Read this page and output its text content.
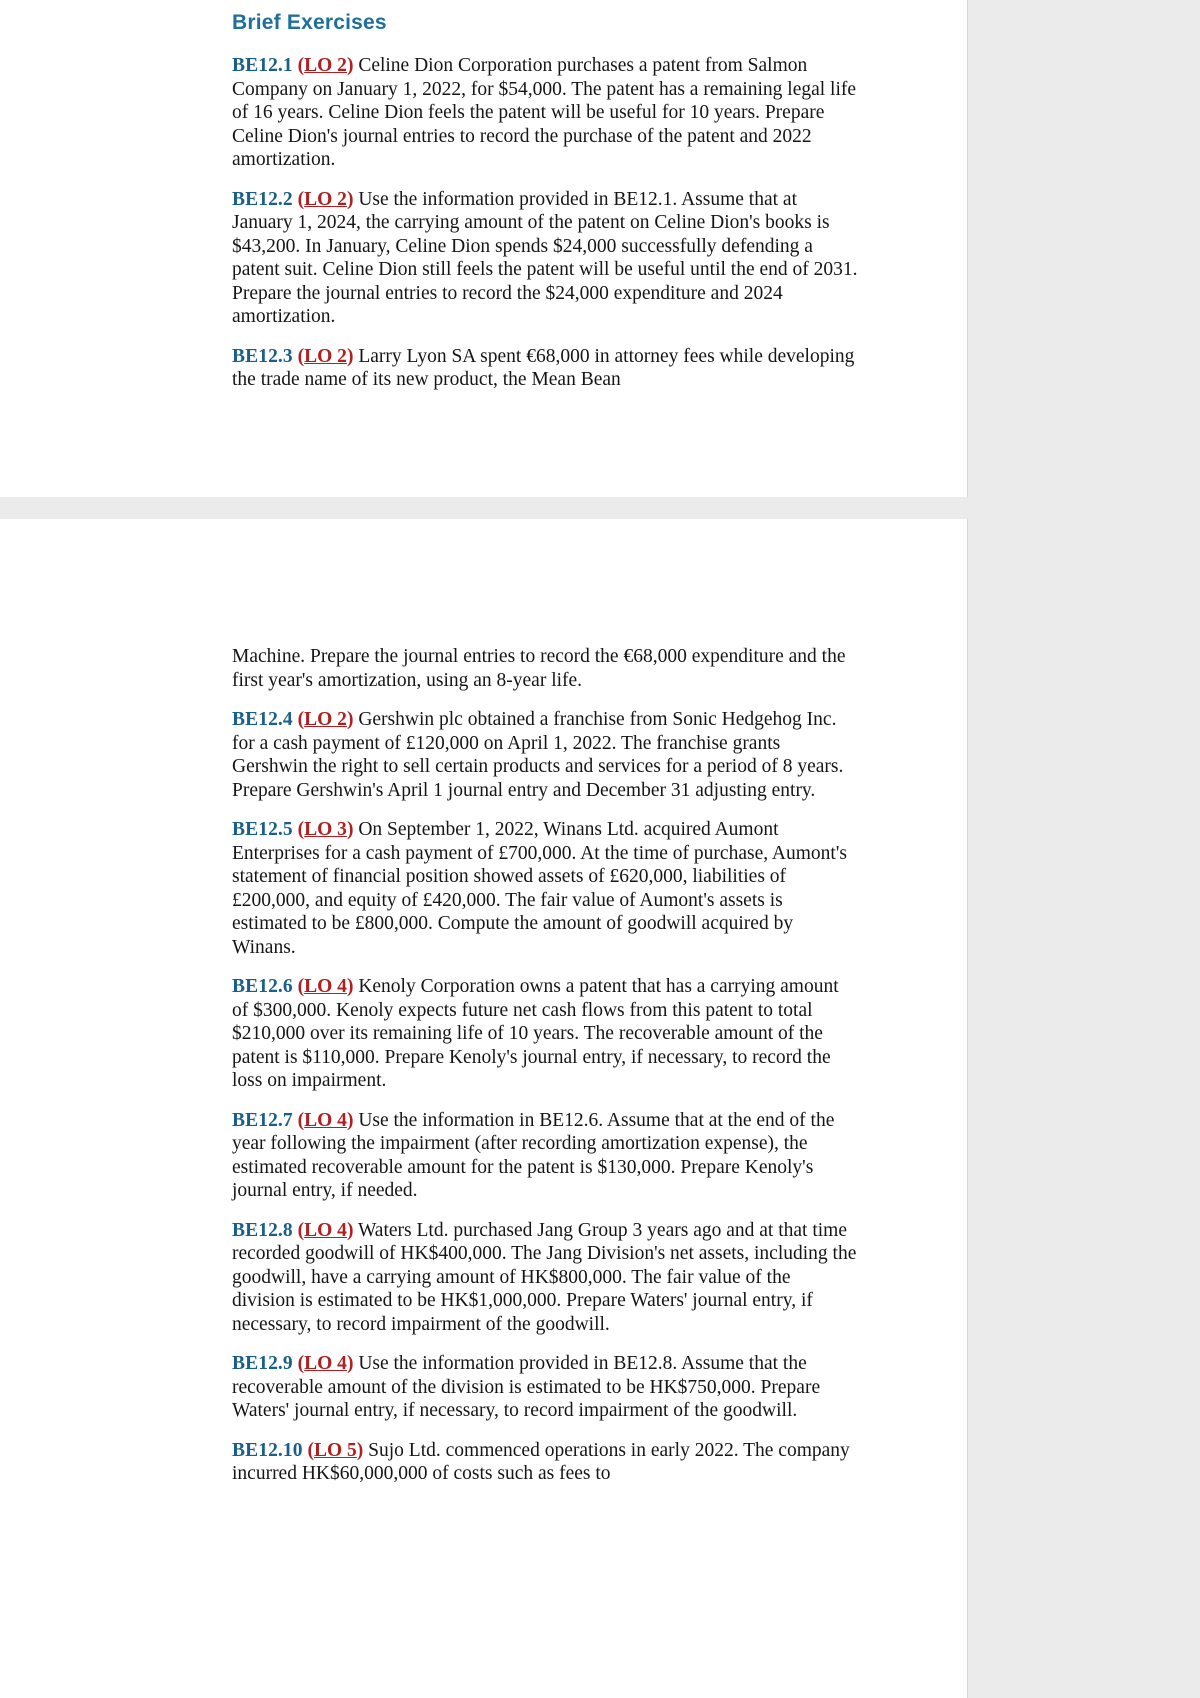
Brief Exercises

BE12.1 (LO 2) Celine Dion Corporation purchases a patent from Salmon Company on January 1, 2022, for $54,000. The patent has a remaining legal life of 16 years. Celine Dion feels the patent will be useful for 10 years. Prepare Celine Dion's journal entries to record the purchase of the patent and 2022 amortization.

BE12.2 (LO 2) Use the information provided in BE12.1. Assume that at January 1, 2024, the carrying amount of the patent on Celine Dion's books is $43,200. In January, Celine Dion spends $24,000 successfully defending a patent suit. Celine Dion still feels the patent will be useful until the end of 2031. Prepare the journal entries to record the $24,000 expenditure and 2024 amortization.

BE12.3 (LO 2) Larry Lyon SA spent €68,000 in attorney fees while developing the trade name of its new product, the Mean Bean

Machine. Prepare the journal entries to record the €68,000 expenditure and the first year's amortization, using an 8-year life.

BE12.4 (LO 2) Gershwin plc obtained a franchise from Sonic Hedgehog Inc. for a cash payment of £120,000 on April 1, 2022. The franchise grants Gershwin the right to sell certain products and services for a period of 8 years. Prepare Gershwin's April 1 journal entry and December 31 adjusting entry.

BE12.5 (LO 3) On September 1, 2022, Winans Ltd. acquired Aumont Enterprises for a cash payment of £700,000. At the time of purchase, Aumont's statement of financial position showed assets of £620,000, liabilities of £200,000, and equity of £420,000. The fair value of Aumont's assets is estimated to be £800,000. Compute the amount of goodwill acquired by Winans.

BE12.6 (LO 4) Kenoly Corporation owns a patent that has a carrying amount of $300,000. Kenoly expects future net cash flows from this patent to total $210,000 over its remaining life of 10 years. The recoverable amount of the patent is $110,000. Prepare Kenoly's journal entry, if necessary, to record the loss on impairment.

BE12.7 (LO 4) Use the information in BE12.6. Assume that at the end of the year following the impairment (after recording amortization expense), the estimated recoverable amount for the patent is $130,000. Prepare Kenoly's journal entry, if needed.

BE12.8 (LO 4) Waters Ltd. purchased Jang Group 3 years ago and at that time recorded goodwill of HK$400,000. The Jang Division's net assets, including the goodwill, have a carrying amount of HK$800,000. The fair value of the division is estimated to be HK$1,000,000. Prepare Waters' journal entry, if necessary, to record impairment of the goodwill.

BE12.9 (LO 4) Use the information provided in BE12.8. Assume that the recoverable amount of the division is estimated to be HK$750,000. Prepare Waters' journal entry, if necessary, to record impairment of the goodwill.

BE12.10 (LO 5) Sujo Ltd. commenced operations in early 2022. The company incurred HK$60,000,000 of costs such as fees to
